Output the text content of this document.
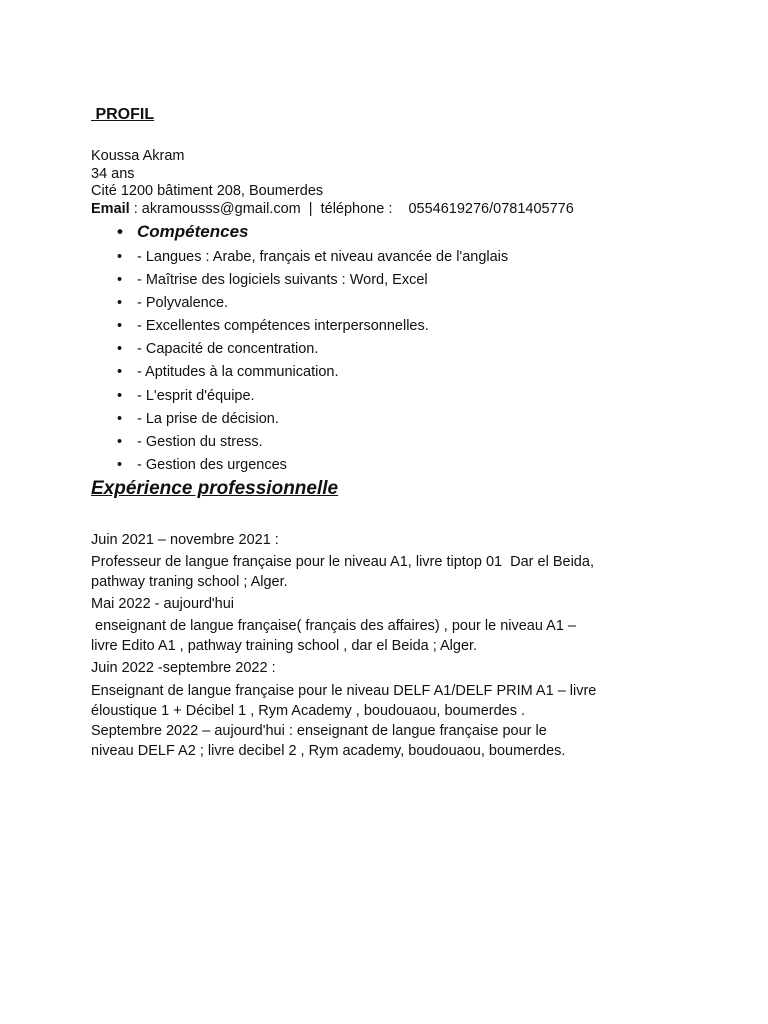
PROFIL
Koussa Akram
34 ans
Cité 1200 bâtiment 208, Boumerdes
Email : akramousss@gmail.com  |  téléphone :    0554619276/0781405776
• Compétences
• - Langues : Arabe, français et niveau avancée de l'anglais
• - Maîtrise des logiciels suivants : Word, Excel
• - Polyvalence.
• - Excellentes compétences interpersonnelles.
• - Capacité de concentration.
• - Aptitudes à la communication.
• - L'esprit d'équipe.
• - La prise de décision.
• - Gestion du stress.
• - Gestion des urgences
Expérience professionnelle
Juin 2021 – novembre 2021 :
Professeur de langue française pour le niveau A1, livre tiptop 01  Dar el Beida,
pathway traning school ; Alger.
Mai 2022 - aujourd'hui
enseignant de langue française( français des affaires) , pour le niveau A1 –
livre Edito A1 , pathway training school , dar el Beida ; Alger.
Juin 2022 -septembre 2022 :
Enseignant de langue française pour le niveau DELF A1/DELF PRIM A1 – livre
éloustique 1 + Décibel 1 , Rym Academy , boudouaou, boumerdes .
Septembre 2022 – aujourd'hui : enseignant de langue française pour le
niveau DELF A2 ; livre decibel 2 , Rym academy, boudouaou, boumerdes.
